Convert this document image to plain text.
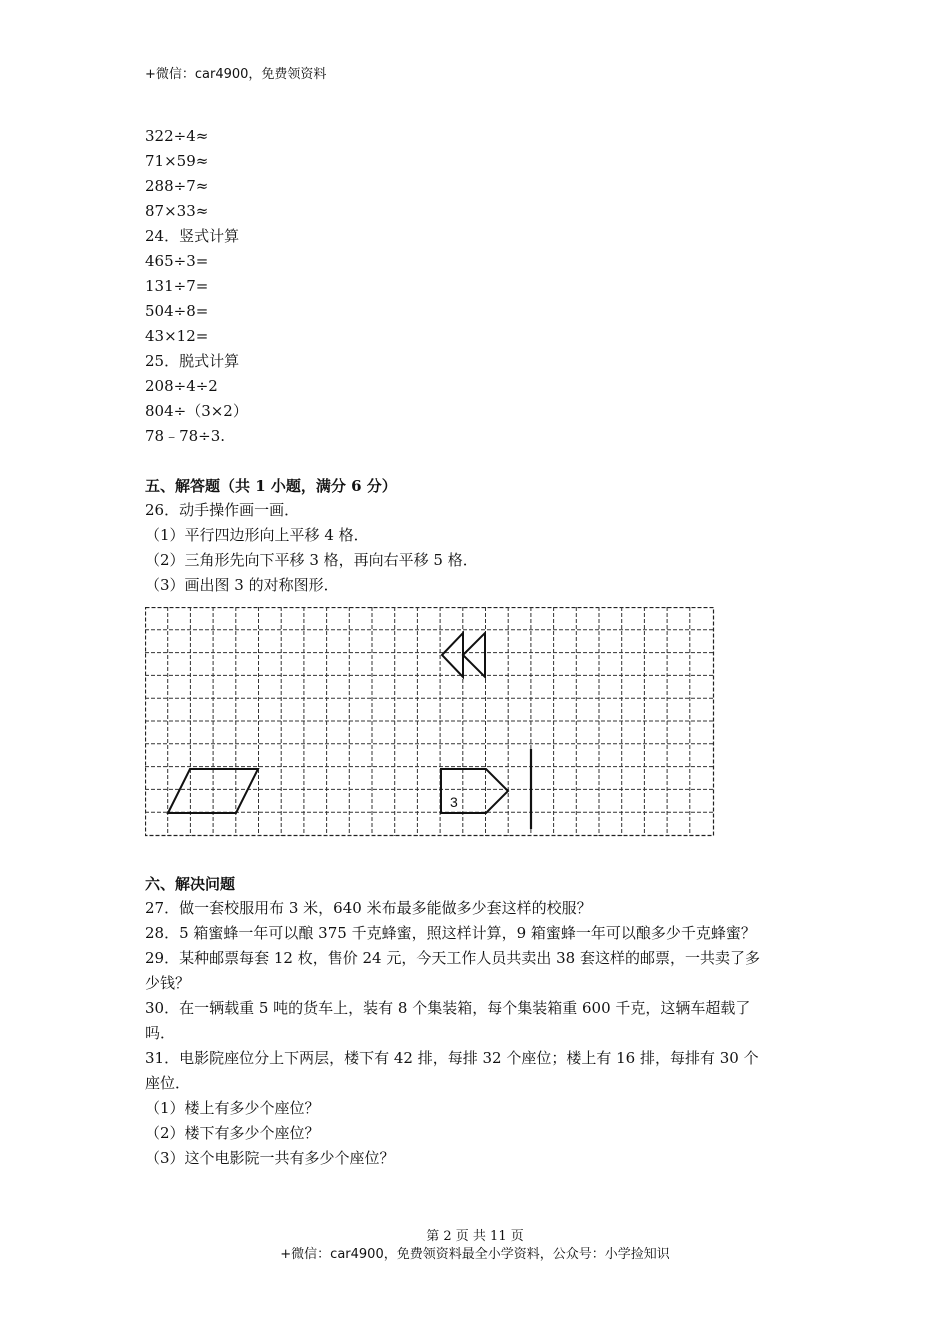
+微信：car4900，免费领资料
322÷4≈
71×59≈
288÷7≈
87×33≈
24．竖式计算
465÷3=
131÷7=
504÷8=
43×12=
25．脱式计算
208÷4÷2
804÷（3×2）
78﹣78÷3.
五、解答题（共 1 小题，满分 6 分）
26．动手操作画一画．
（1）平行四边形向上平移 4 格．
（2）三角形先向下平移 3 格，再向右平移 5 格．
（3）画出图 3 的对称图形．
3
六、解决问题
27．做一套校服用布 3 米，640 米布最多能做多少套这样的校服？
28．5 箱蜜蜂一年可以酿 375 千克蜂蜜，照这样计算，9 箱蜜蜂一年可以酿多少千克蜂蜜？
29．某种邮票每套 12 枚，售价 24 元，今天工作人员共卖出 38 套这样的邮票，一共卖了多
少钱？
30．在一辆载重 5 吨的货车上，装有 8 个集装箱，每个集装箱重 600 千克，这辆车超载了
吗．
31．电影院座位分上下两层，楼下有 42 排，每排 32 个座位；楼上有 16 排，每排有 30 个
座位．
（1）楼上有多少个座位？
（2）楼下有多少个座位？
（3）这个电影院一共有多少个座位？
第 2 页 共 11 页
+微信：car4900，免费领资料最全小学资料，公众号：小学捡知识
